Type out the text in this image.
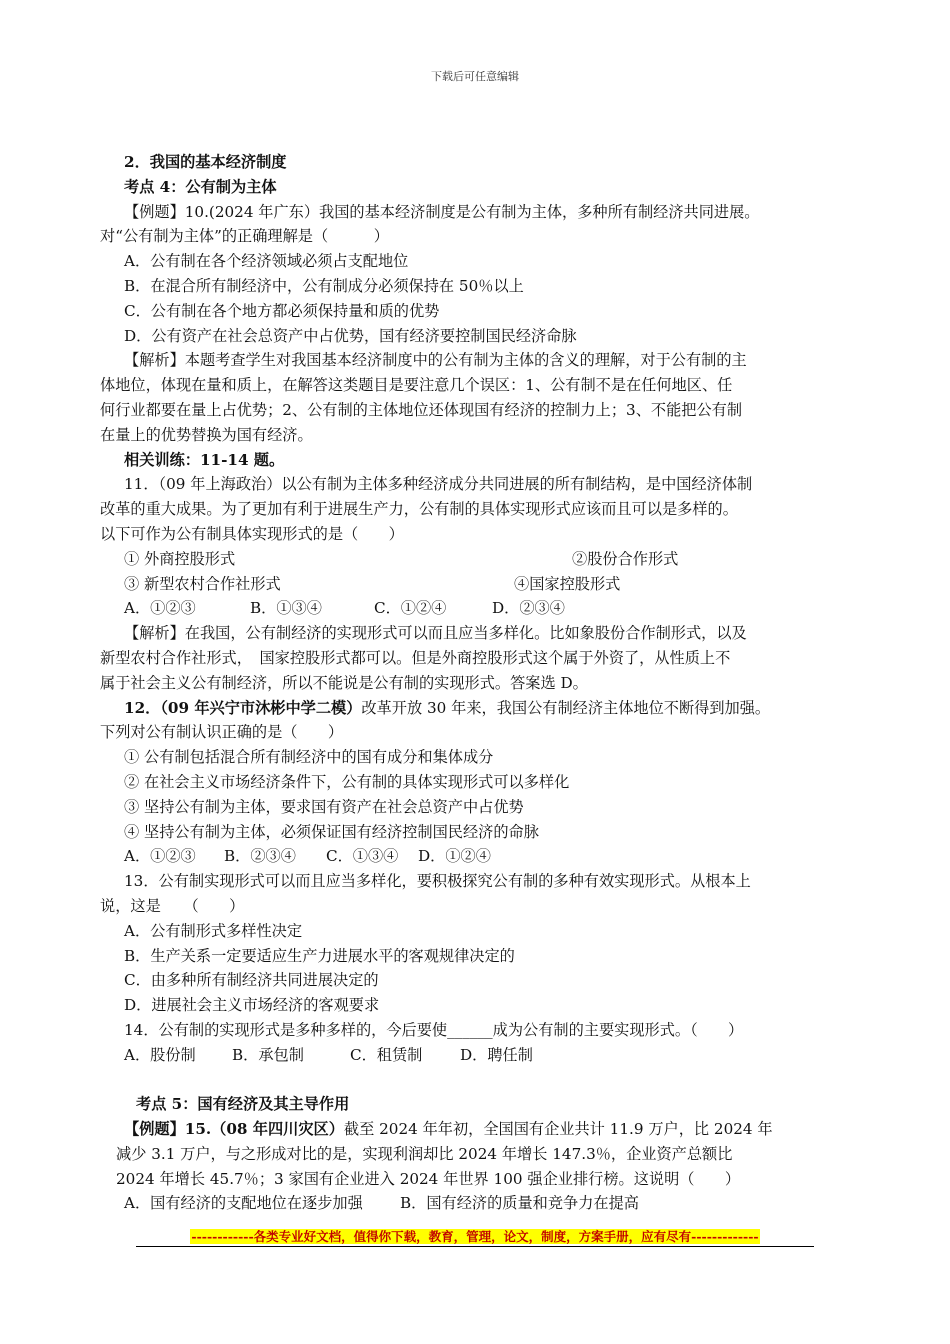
下载后可任意编辑
2．我国的基本经济制度
考点 4：公有制为主体
【例题】10.(2024 年广东）我国的基本经济制度是公有制为主体，多种所有制经济共同进展。
对“公有制为主体”的正确理解是（　　　）
A．公有制在各个经济领域必须占支配地位
B．在混合所有制经济中，公有制成分必须保持在 50％以上
C．公有制在各个地方都必须保持量和质的优势
D．公有资产在社会总资产中占优势，国有经济要控制国民经济命脉
【解析】本题考查学生对我国基本经济制度中的公有制为主体的含义的理解，对于公有制的主
体地位，体现在量和质上，在解答这类题目是要注意几个误区：1、公有制不是在任何地区、任
何行业都要在量上占优势；2、公有制的主体地位还体现国有经济的控制力上；3、不能把公有制
在量上的优势替换为国有经济。
相关训练：11-14 题。
11．（09 年上海政治）以公有制为主体多种经济成分共同进展的所有制结构，是中国经济体制
改革的重大成果。为了更加有利于进展生产力，公有制的具体实现形式应该而且可以是多样的。
以下可作为公有制具体实现形式的是（　　）
① 外商控股形式	②股份合作形式
③ 新型农村合作社形式	④国家控股形式
A．①②③	B．①③④	C．①②④	D．②③④
【解析】在我国，公有制经济的实现形式可以而且应当多样化。比如象股份合作制形式，以及
新型农村合作社形式，　国家控股形式都可以。但是外商控股形式这个属于外资了，从性质上不
属于社会主义公有制经济，所以不能说是公有制的实现形式。答案选 D。
12．（09 年兴宁市沐彬中学二模）改革开放 30 年来，我国公有制经济主体地位不断得到加强。
下列对公有制认识正确的是（　　）
① 公有制包括混合所有制经济中的国有成分和集体成分
② 在社会主义市场经济条件下，公有制的具体实现形式可以多样化
③ 坚持公有制为主体，要求国有资产在社会总资产中占优势
④ 坚持公有制为主体，必须保证国有经济控制国民经济的命脉
A．①②③	B．②③④	C．①③④	D．①②④
13．公有制实现形式可以而且应当多样化，要积极探究公有制的多种有效实现形式。从根本上
说，这是　　（　　）
A．公有制形式多样性决定
B．生产关系一定要适应生产力进展水平的客观规律决定的
C．由多种所有制经济共同进展决定的
D．进展社会主义市场经济的客观要求
14．公有制的实现形式是多种多样的，今后要使______成为公有制的主要实现形式。（　　）
A．股份制	B．承包制	C．租赁制	D．聘任制
考点 5：国有经济及其主导作用
【例题】15.（08 年四川灾区）截至 2024 年年初，全国国有企业共计 11.9 万户，比 2024 年
减少 3.1 万户，与之形成对比的是，实现利润却比 2024 年增长 147.3％，企业资产总额比
2024 年增长 45.7％；3 家国有企业进入 2024 年世界 100 强企业排行榜。这说明（　　）
A．国有经济的支配地位在逐步加强	B．国有经济的质量和竞争力在提高
------------各类专业好文档，值得你下载，教育，管理，论文，制度，方案手册，应有尽有-------------
